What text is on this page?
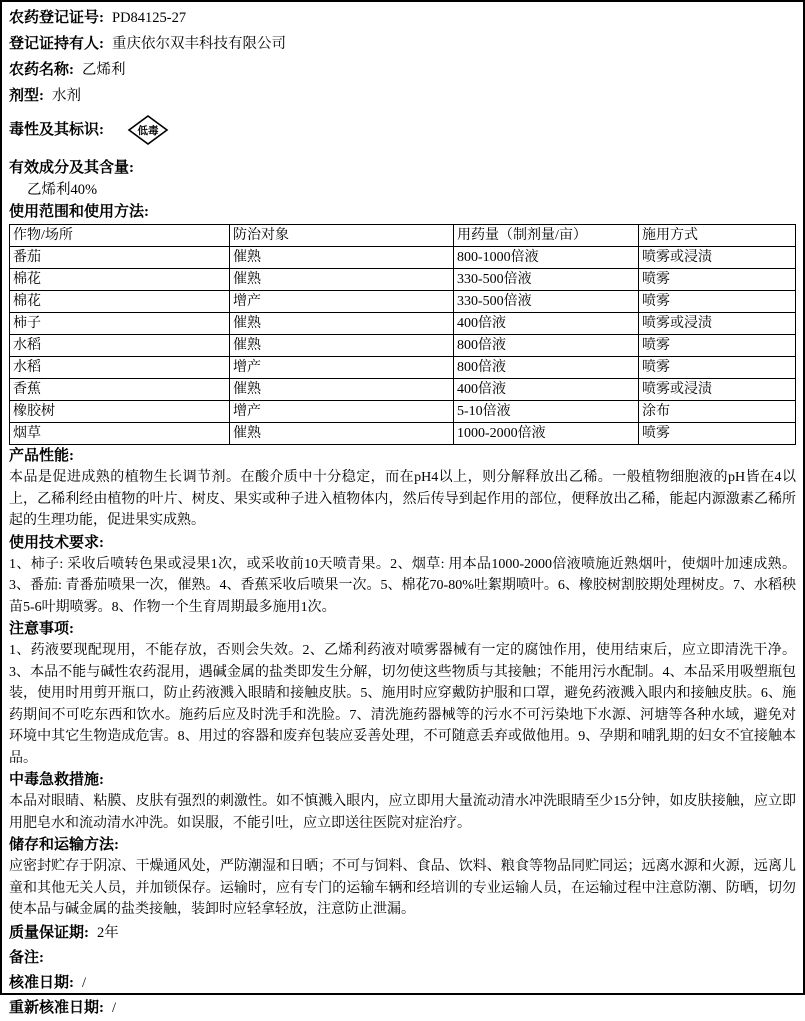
农药登记证号: PD84125-27
登记证持有人: 重庆依尔双丰科技有限公司
农药名称: 乙烯利
剂型: 水剂
毒性及其标识:	低毒
有效成分及其含量:
乙烯利40%
使用范围和使用方法:
作物/场所	防治对象	用药量（制剂量/亩）	施用方式
番茄	催熟	800-1000倍液	喷雾或浸渍
棉花	催熟	330-500倍液	喷雾
棉花	增产	330-500倍液	喷雾
柿子	催熟	400倍液	喷雾或浸渍
水稻	催熟	800倍液	喷雾
水稻	增产	800倍液	喷雾
香蕉	催熟	400倍液	喷雾或浸渍
橡胶树	增产	5-10倍液	涂布
烟草	催熟	1000-2000倍液	喷雾
产品性能:
本品是促进成熟的植物生长调节剂。在酸介质中十分稳定，而在pH4以上，则分解释放出乙稀。一般植物细胞液的pH皆在4以上，乙稀利经由植物的叶片、树皮、果实或种子进入植物体内，然后传导到起作用的部位，便释放出乙稀，能起内源激素乙稀所起的生理功能，促进果实成熟。
使用技术要求:
1、柿子: 采收后喷转色果或浸果1次，或采收前10天喷青果。2、烟草: 用本品1000-2000倍液喷施近熟烟叶，使烟叶加速成熟。3、番茄: 青番茄喷果一次，催熟。4、香蕉采收后喷果一次。5、棉花70-80%吐絮期喷叶。6、橡胶树割胶期处理树皮。7、水稻秧苗5-6叶期喷雾。8、作物一个生育周期最多施用1次。
注意事项:
1、药液要现配现用，不能存放，否则会失效。2、乙烯利药液对喷雾器械有一定的腐蚀作用，使用结束后，应立即清洗干净。3、本品不能与碱性农药混用，遇碱金属的盐类即发生分解，切勿使这些物质与其接触；不能用污水配制。4、本品采用吸塑瓶包装，使用时用剪开瓶口，防止药液溅入眼睛和接触皮肤。5、施用时应穿戴防护服和口罩，避免药液溅入眼内和接触皮肤。6、施药期间不可吃东西和饮水。施药后应及时洗手和洗脸。7、清洗施药器械等的污水不可污染地下水源、河塘等各种水域，避免对环境中其它生物造成危害。8、用过的容器和废弃包装应妥善处理，不可随意丢弃或做他用。9、孕期和哺乳期的妇女不宜接触本品。
中毒急救措施:
本品对眼睛、粘膜、皮肤有强烈的刺激性。如不慎溅入眼内，应立即用大量流动清水冲洗眼睛至少15分钟，如皮肤接触，应立即用肥皂水和流动清水冲洗。如误服，不能引吐，应立即送往医院对症治疗。
储存和运输方法:
应密封贮存于阴凉、干燥通风处，严防潮湿和日晒；不可与饲料、食品、饮料、粮食等物品同贮同运；远离水源和火源，远离儿童和其他无关人员，并加锁保存。运输时，应有专门的运输车辆和经培训的专业运输人员，在运输过程中注意防潮、防晒，切勿使本品与碱金属的盐类接触，装卸时应轻拿轻放，注意防止泄漏。
质量保证期: 2年
备注:
核准日期: /
重新核准日期: /
